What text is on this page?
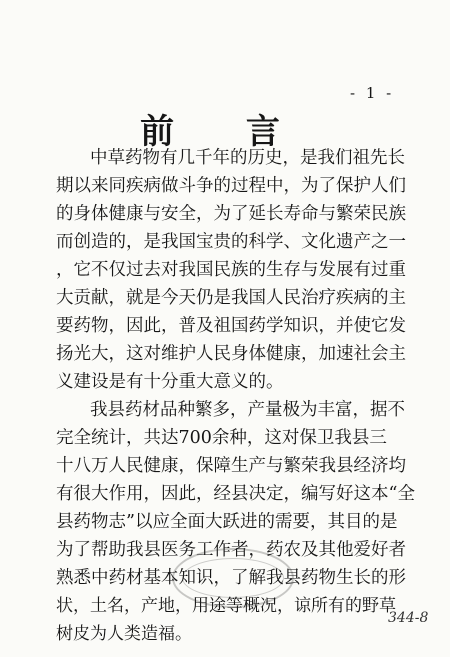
- 1 -
前 言
中草药物有几千年的历史，是我们祖先长
期以来同疾病做斗争的过程中，为了保护人们
的身体健康与安全，为了延长寿命与繁荣民族
而创造的，是我国宝贵的科学、文化遗产之一
，它不仅过去对我国民族的生存与发展有过重
大贡献，就是今天仍是我国人民治疗疾病的主
要药物，因此，普及祖国药学知识，并使它发
扬光大，这对维护人民身体健康，加速社会主
义建设是有十分重大意义的。
我县药材品种繁多，产量极为丰富，据不
完全统计，共达700余种，这对保卫我县三
十八万人民健康，保障生产与繁荣我县经济均
有很大作用，因此，经县决定，编写好这本“全
县药物志”以应全面大跃进的需要，其目的是
为了帮助我县医务工作者，药农及其他爱好者
熟悉中药材基本知识，了解我县药物生长的形
状，土名，产地，用途等概况，谅所有的野草
树皮为人类造福。
344-8
